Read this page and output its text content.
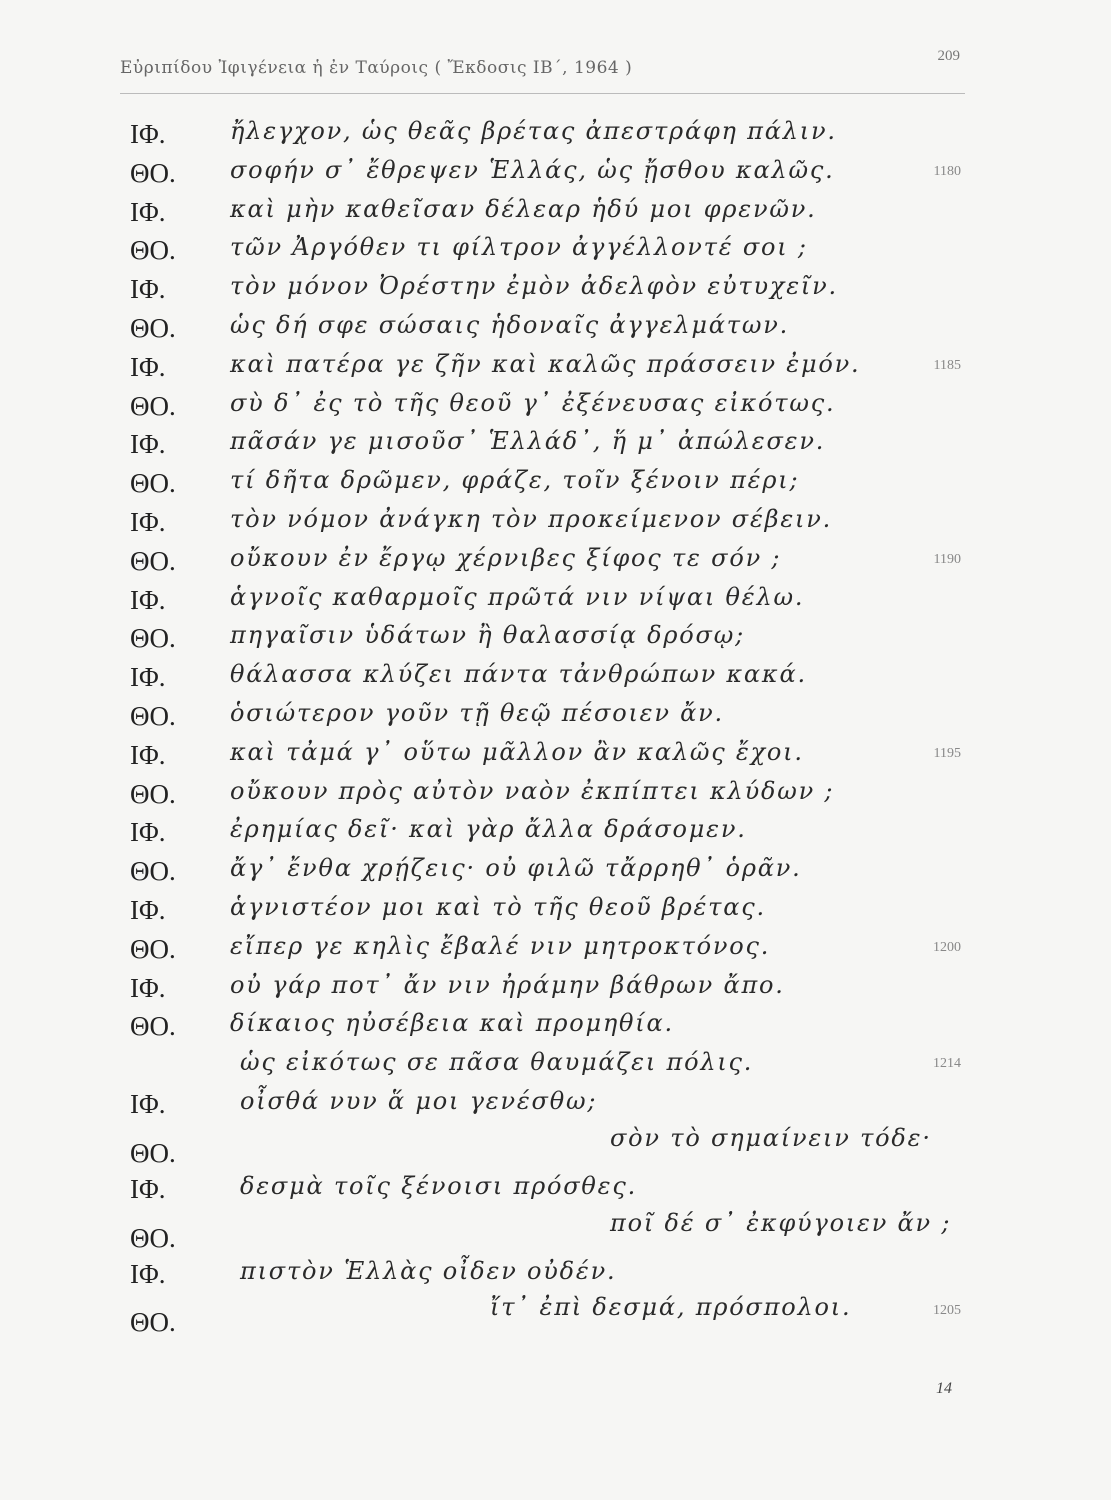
Εὐριπίδου Ἰφιγένεια ἡ ἐν Ταύροις ( Ἔκδοσις ΙΒ΄, 1964 )
209
ΙΦ.	ἤλεγχον, ὡς θεᾶς βρέτας ἀπεστράφη πάλιν.
ΘΟ. σοφήν σ᾽ ἔθρεψεν Ἑλλάς, ὡς ᾔσθου καλῶς.	1180
ΙΦ.	καὶ μὴν καθεῖσαν δέλεαρ ἡδύ μοι φρενῶν.
ΘΟ. τῶν Ἀργόθεν τι φίλτρον ἀγγέλλοντέ σοι ;
ΙΦ.	τὸν μόνον Ὀρέστην ἐμὸν ἀδελφὸν εὐτυχεῖν.
ΘΟ. ὡς δή σφε σώσαις ἡδοναῖς ἀγγελμάτων.
ΙΦ.	καὶ πατέρα γε ζῆν καὶ καλῶς πράσσειν ἐμόν.	1185
ΘΟ. σὺ δ᾽ ἐς τὸ τῆς θεοῦ γ᾽ ἐξένευσας εἰκότως.
ΙΦ.	πᾶσάν γε μισοῦσ᾽ Ἑλλάδ᾽, ἥ μ᾽ ἀπώλεσεν.
ΘΟ. τί δῆτα δρῶμεν, φράζε, τοῖν ξένοιν πέρι;
ΙΦ.	τὸν νόμον ἀνάγκη τὸν προκείμενον σέβειν.
ΘΟ. οὔκουν ἐν ἔργῳ χέρνιβες ξίφος τε σόν ;	1190
ΙΦ.	ἁγνοῖς καθαρμοῖς πρῶτά νιν νίψαι θέλω.
ΘΟ. πηγαῖσιν ὑδάτων ἢ θαλασσίᾳ δρόσῳ;
ΙΦ.	θάλασσα κλύζει πάντα τἀνθρώπων κακά.
ΘΟ. ὁσιώτερον γοῦν τῇ θεῷ πέσοιεν ἄν.
ΙΦ.	καὶ τἀμά γ᾽ οὕτω μᾶλλον ἂν καλῶς ἔχοι.	1195
ΘΟ. οὔκουν πρὸς αὐτὸν ναὸν ἐκπίπτει κλύδων ;
ΙΦ.	ἐρημίας δεῖ· καὶ γὰρ ἄλλα δράσομεν.
ΘΟ. ἄγ᾽ ἔνθα χρῄζεις· οὐ φιλῶ τἄρρηθ᾽ ὁρᾶν.
ΙΦ.	ἁγνιστέον μοι καὶ τὸ τῆς θεοῦ βρέτας.
ΘΟ. εἴπερ γε κηλὶς ἔβαλέ νιν μητροκτόνος.	1200
ΙΦ.	οὐ γάρ ποτ᾽ ἄν νιν ἠράμην βάθρων ἄπο.
ΘΟ. δίκαιος ηὐσέβεια καὶ προμηθία.
ὡς εἰκότως σε πᾶσα θαυμάζει πόλις.	1214
ΙΦ.	οἶσθά νυν ἅ μοι γενέσθω;
ΘΟ.	σὸν τὸ σημαίνειν τόδε·
ΙΦ.	δεσμὰ τοῖς ξένοισι πρόσθες.
ΘΟ.	ποῖ δέ σ᾽ ἐκφύγοιεν ἄν ;
ΙΦ.	πιστὸν Ἑλλὰς οἶδεν οὐδέν.
ΘΟ.	ἴτ᾽ ἐπὶ δεσμά, πρόσπολοι.	1205
14
